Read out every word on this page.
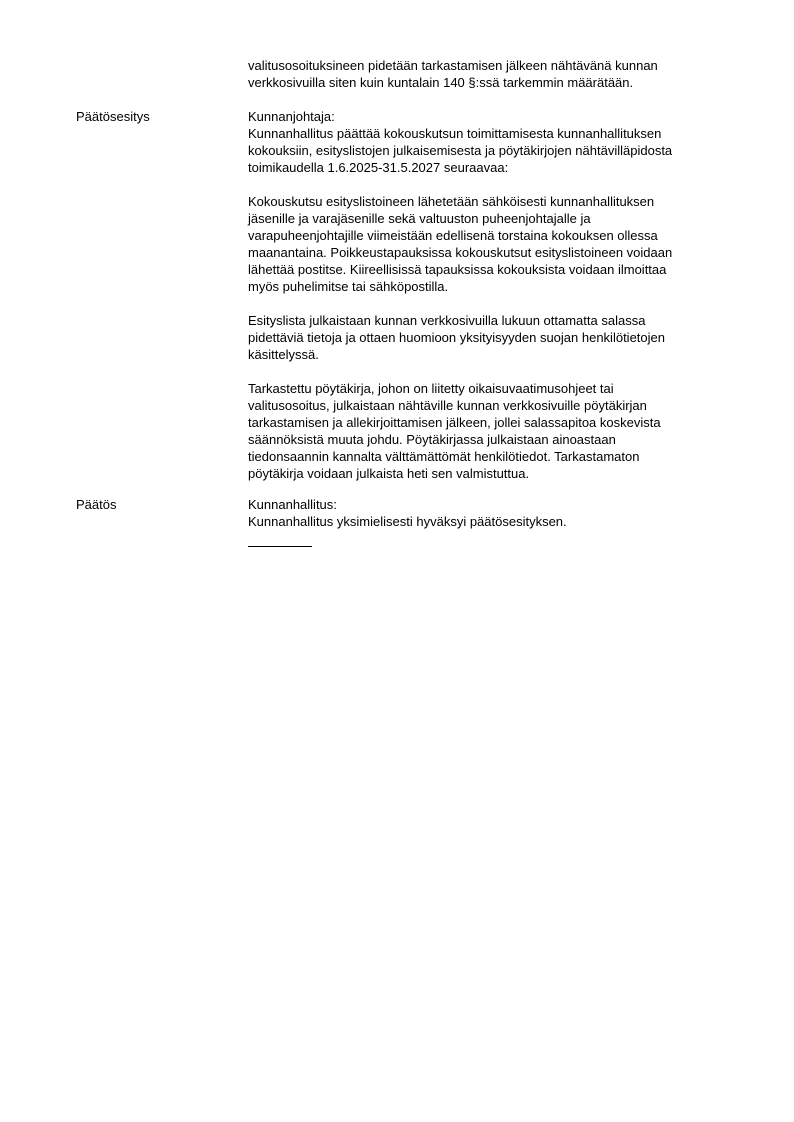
valitusosoituksineen pidetään tarkastamisen jälkeen nähtävänä kunnan
verkkosivuilla siten kuin kuntalain 140 §:ssä tarkemmin määrätään.

Päätösesitys	Kunnanjohtaja:

Kunnanhallitus päättää kokouskutsun toimittamisesta kunnanhallituksen
kokouksiin, esityslistojen julkaisemisesta ja pöytäkirjojen nähtävilläpidosta
toimikaudella 1.6.2025-31.5.2027 seuraavaa:

Kokouskutsu esityslistoineen lähetetään sähköisesti kunnanhallituksen
jäsenille ja varajäsenille sekä valtuuston puheenjohtajalle ja
varapuheenjohtajille viimeistään edellisenä torstaina kokouksen ollessa
maanantaina. Poikkeustapauksissa kokouskutsut esityslistoineen voidaan
lähettää postitse. Kiireellisissä tapauksissa kokouksista voidaan ilmoittaa
myös puhelimitse tai sähköpostilla.

Esityslista julkaistaan kunnan verkkosivuilla lukuun ottamatta salassa
pidettäviä tietoja ja ottaen huomioon yksityisyyden suojan henkilötietojen
käsittelyssä.

Tarkastettu pöytäkirja, johon on liitetty oikaisuvaatimusohjeet tai
valitusosoitus, julkaistaan nähtäville kunnan verkkosivuille pöytäkirjan
tarkastamisen ja allekirjoittamisen jälkeen, jollei salassapitoa koskevista
säännöksistä muuta johdu. Pöytäkirjassa julkaistaan ainoastaan
tiedonsaannin kannalta välttämättömät henkilötiedot. Tarkastamaton
pöytäkirja voidaan julkaista heti sen valmistuttua.

Päätös	Kunnanhallitus:
Kunnanhallitus yksimielisesti hyväksyi päätösesityksen.
